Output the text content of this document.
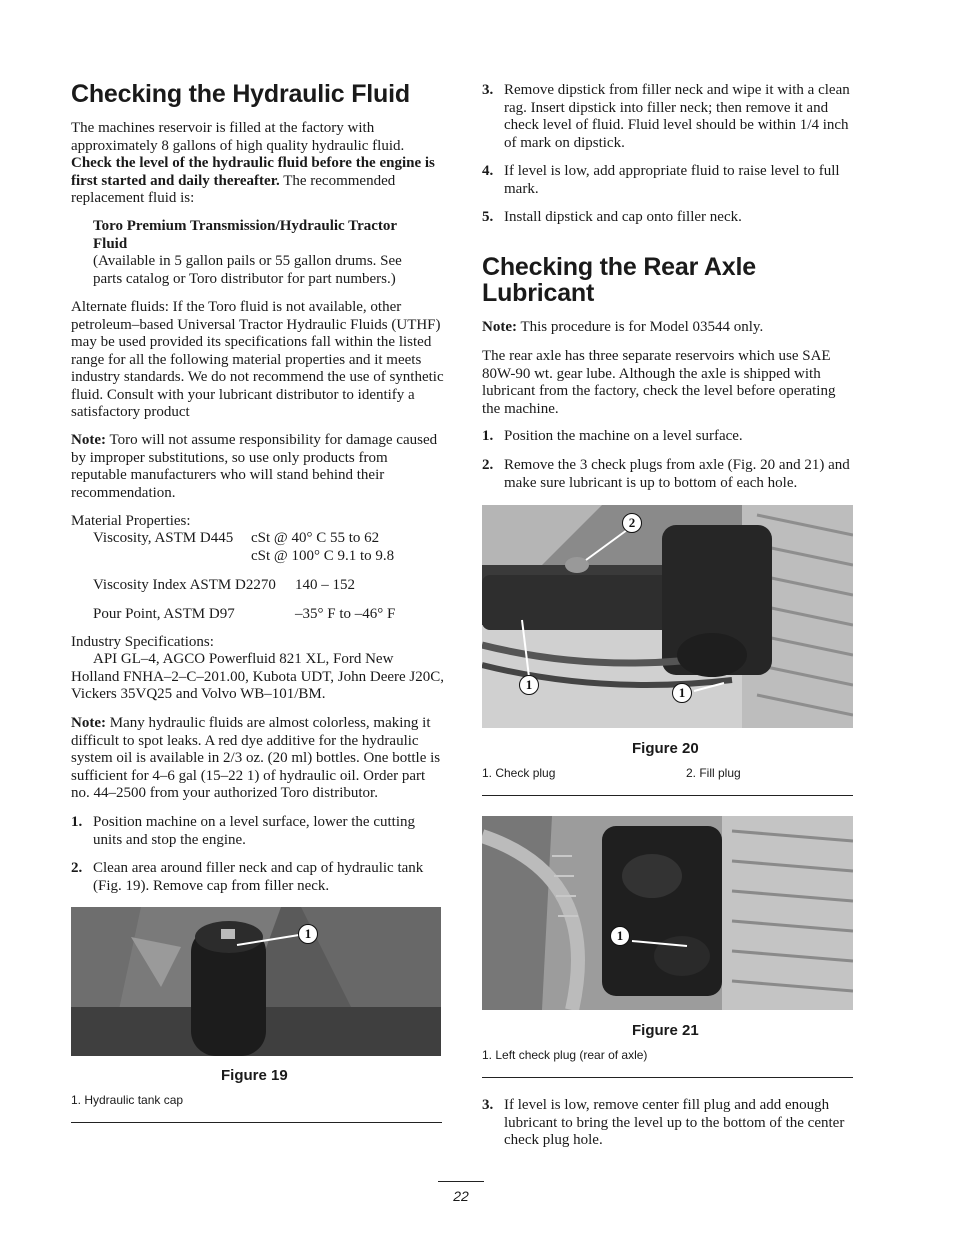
Checking the Hydraulic Fluid

The machines reservoir is filled at the factory with approximately 8 gallons of high quality hydraulic fluid. Check the level of the hydraulic fluid before the engine is first started and daily thereafter. The recommended replacement fluid is:

Toro Premium Transmission/Hydraulic Tractor Fluid

(Available in 5 gallon pails or 55 gallon drums. See parts catalog or Toro distributor for part numbers.)

Alternate fluids: If the Toro fluid is not available, other petroleum–based Universal Tractor Hydraulic Fluids (UTHF) may be used provided its specifications fall within the listed range for all the following material properties and it meets industry standards. We do not recommend the use of synthetic fluid. Consult with your lubricant distributor to identify a satisfactory product

Note: Toro will not assume responsibility for damage caused by improper substitutions, so use only products from reputable manufacturers who will stand behind their recommendation.

Material Properties:

Viscosity, ASTM D445 cSt @ 40° C 55 to 62

cSt @ 100° C 9.1 to 9.8

Viscosity Index ASTM D2270 140 – 152

Pour Point, ASTM D97	–35° F to –46° F

Industry Specifications:

API GL–4, AGCO Powerfluid 821 XL, Ford New Holland FNHA–2–C–201.00, Kubota UDT, John Deere J20C, Vickers 35VQ25 and Volvo WB–101/BM.

Note: Many hydraulic fluids are almost colorless, making it difficult to spot leaks. A red dye additive for the hydraulic system oil is available in 2/3 oz. (20 ml) bottles. One bottle is sufficient for 4–6 gal (15–22 1) of hydraulic oil. Order part no. 44–2500 from your authorized Toro distributor.

1. Position machine on a level surface, lower the cutting units and stop the engine.
2. Clean area around filler neck and cap of hydraulic tank (Fig. 19). Remove cap from filler neck.
1
Figure 19
1. Hydraulic tank cap
3. Remove dipstick from filler neck and wipe it with a clean rag. Insert dipstick into filler neck; then remove it and check level of fluid. Fluid level should be within 1/4 inch of mark on dipstick.
4. If level is low, add appropriate fluid to raise level to full mark.
5. Install dipstick and cap onto filler neck.
Checking the Rear Axle
Lubricant

Note: This procedure is for Model 03544 only.

The rear axle has three separate reservoirs which use SAE 80W-90 wt. gear lube. Although the axle is shipped with lubricant from the factory, check the level before operating the machine.

1. Position the machine on a level surface.
2. Remove the 3 check plugs from axle (Fig. 20 and 21) and make sure lubricant is up to bottom of each hole.
2
1
1
Figure 20
1. Check plug	2. Fill plug
1
Figure 21
1. Left check plug (rear of axle)
3. If level is low, remove center fill plug and add enough lubricant to bring the level up to the bottom of the center check plug hole.
22
